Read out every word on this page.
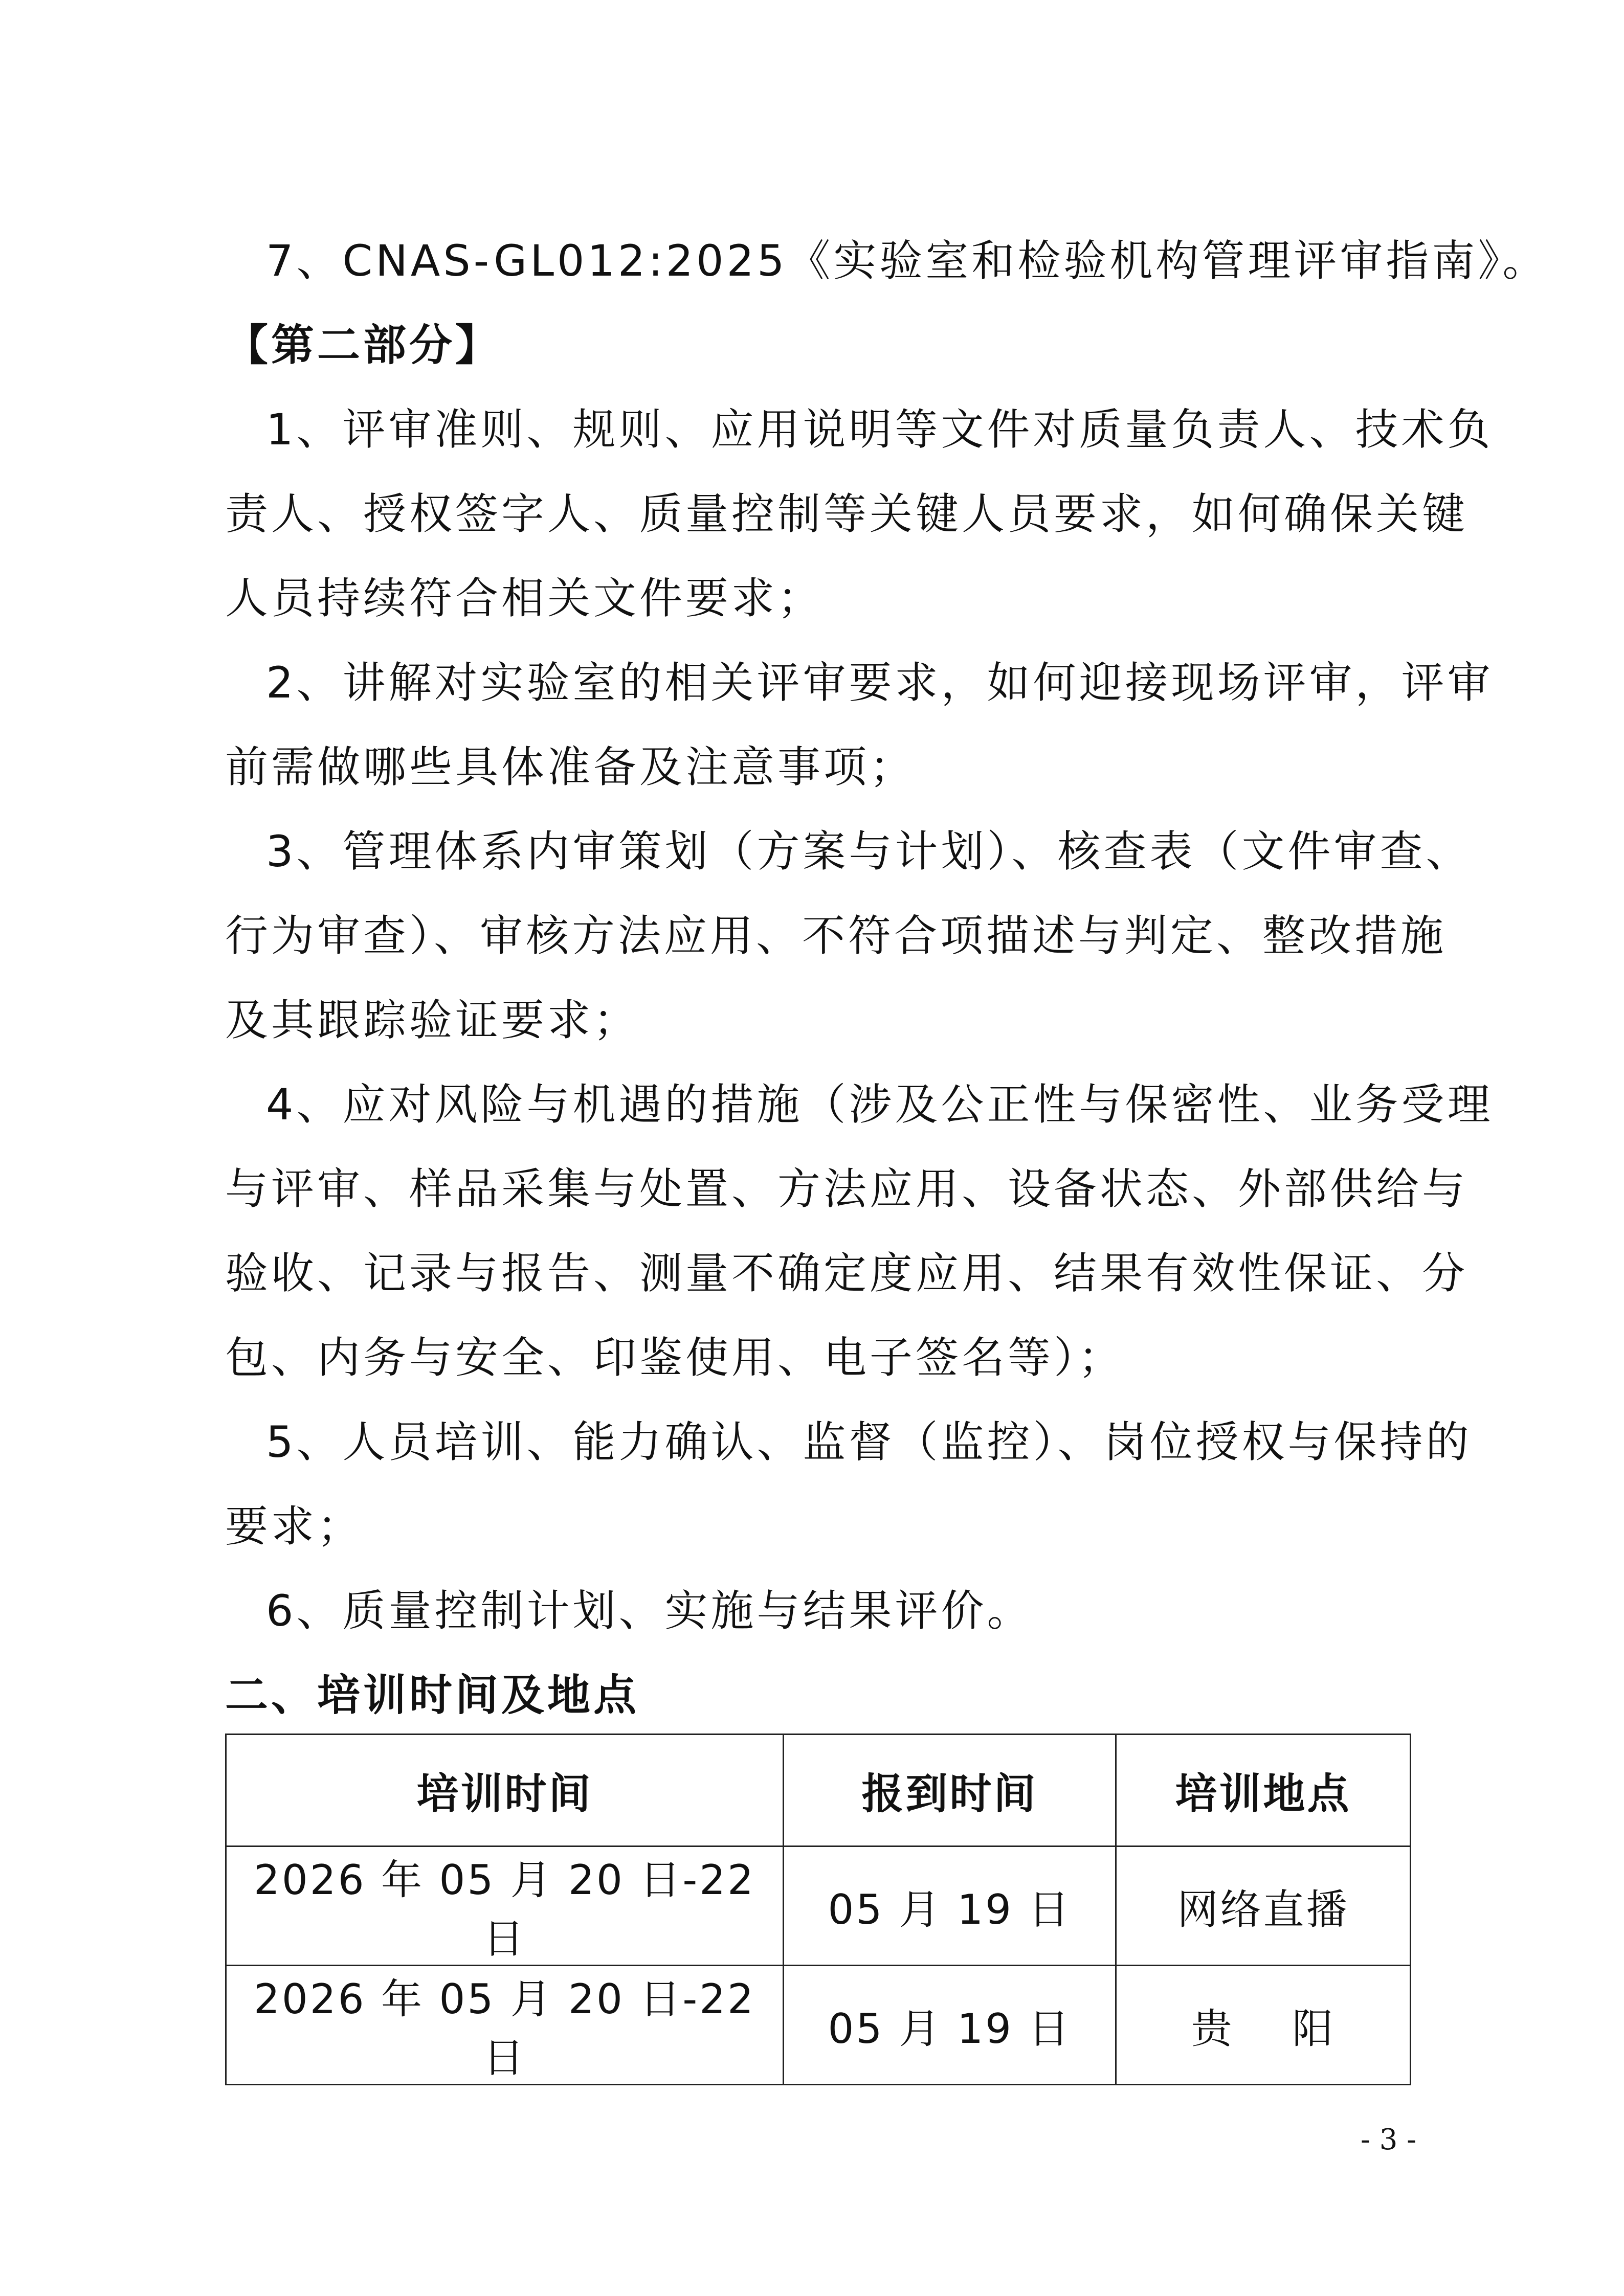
7、CNAS-GL012:2025《实验室和检验机构管理评审指南》。
【第二部分】
1、评审准则、规则、应用说明等文件对质量负责人、技术负
责人、授权签字人、质量控制等关键人员要求，如何确保关键
人员持续符合相关文件要求；
2、讲解对实验室的相关评审要求，如何迎接现场评审，评审
前需做哪些具体准备及注意事项；
3、管理体系内审策划（方案与计划）、核查表（文件审查、
行为审查）、审核方法应用、不符合项描述与判定、整改措施
及其跟踪验证要求；
4、应对风险与机遇的措施（涉及公正性与保密性、业务受理
与评审、样品采集与处置、方法应用、设备状态、外部供给与
验收、记录与报告、测量不确定度应用、结果有效性保证、分
包、内务与安全、印鉴使用、电子签名等）；
5、人员培训、能力确认、监督（监控）、岗位授权与保持的
要求；
6、质量控制计划、实施与结果评价。
二、培训时间及地点
培训时间	报到时间	培训地点
2026 年 05 月 20 日-22 日	05 月 19 日	网络直播
2026 年 05 月 20 日-22 日	05 月 19 日	贵　 阳
- 3 -
